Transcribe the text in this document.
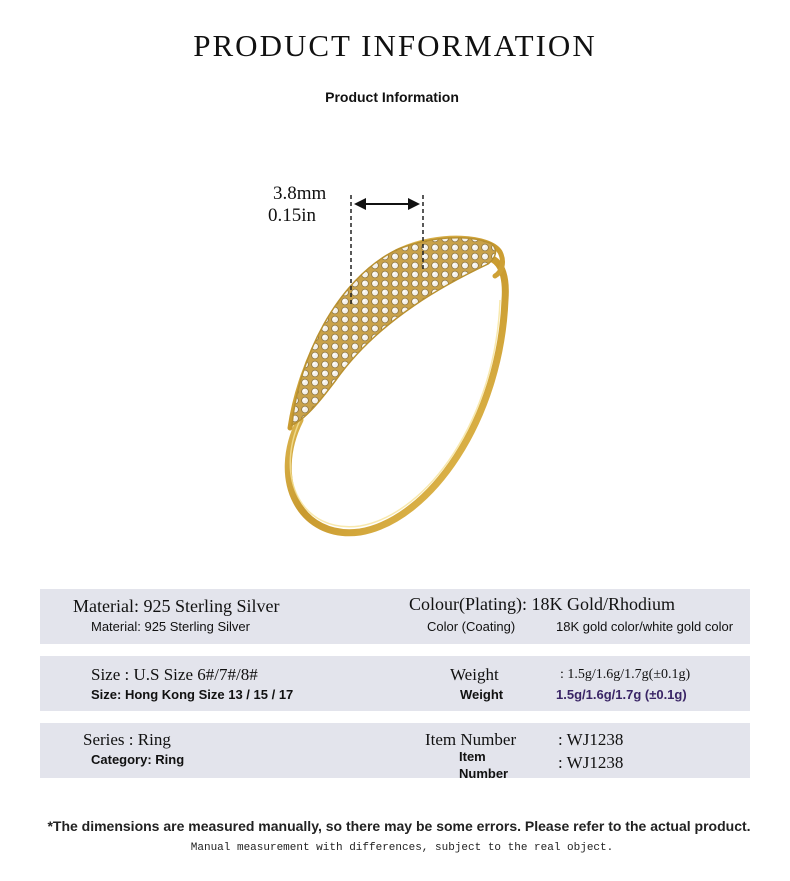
PRODUCT INFORMATION
Product Information
3.8mm
0.15in
Material: 925 Sterling Silver
Material: 925 Sterling Silver
Colour(Plating): 18K Gold/Rhodium
Color (Coating)	18K gold color/white gold color
Size : U.S Size 6#/7#/8#
Size: Hong Kong Size 13 / 15 / 17
Weight	: 1.5g/1.6g/1.7g(±0.1g)
Weight	1.5g/1.6g/1.7g (±0.1g)
Series : Ring
Category: Ring
Item Number : WJ1238
Item
Number
: WJ1238
*The dimensions are measured manually, so there may be some errors. Please refer to the actual product.
Manual measurement with differences, subject to the real object.
